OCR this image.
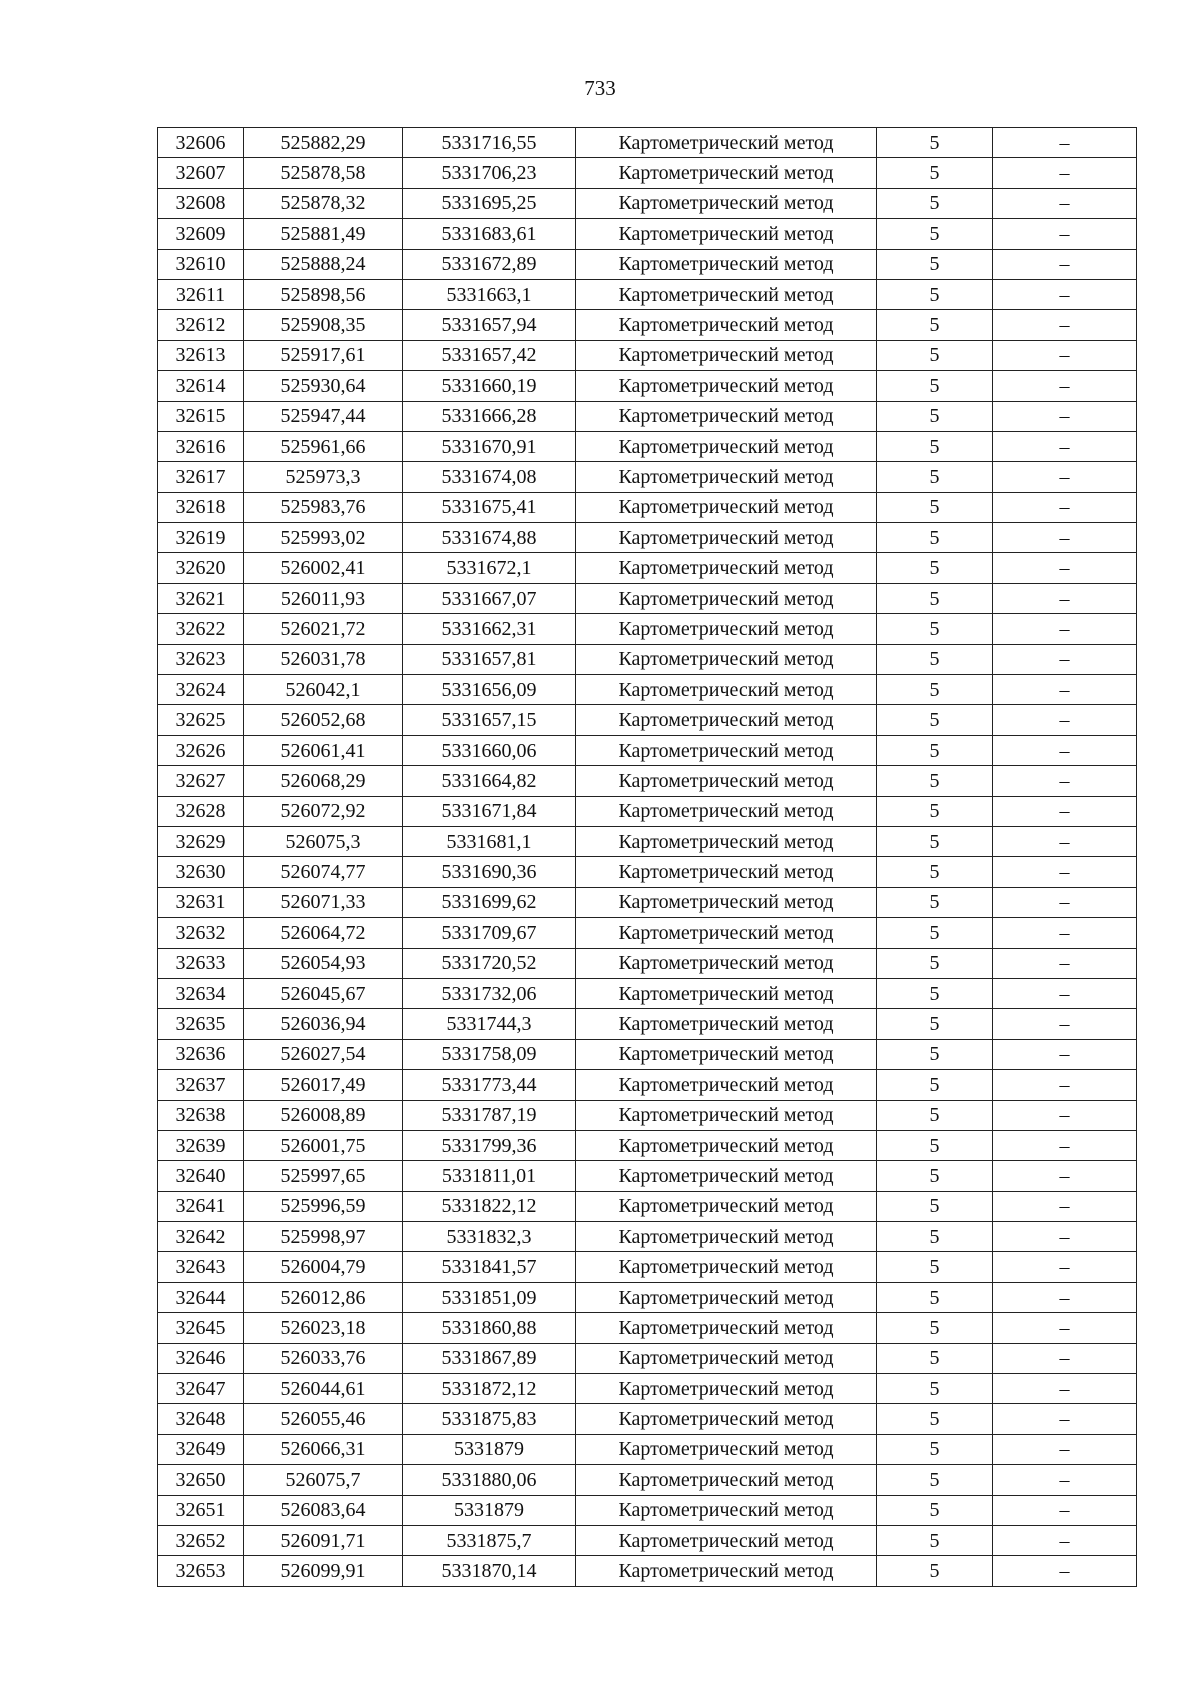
733
32606	525882,29	5331716,55	Картометрический метод	5	–
32607	525878,58	5331706,23	Картометрический метод	5	–
32608	525878,32	5331695,25	Картометрический метод	5	–
32609	525881,49	5331683,61	Картометрический метод	5	–
32610	525888,24	5331672,89	Картометрический метод	5	–
32611	525898,56	5331663,1	Картометрический метод	5	–
32612	525908,35	5331657,94	Картометрический метод	5	–
32613	525917,61	5331657,42	Картометрический метод	5	–
32614	525930,64	5331660,19	Картометрический метод	5	–
32615	525947,44	5331666,28	Картометрический метод	5	–
32616	525961,66	5331670,91	Картометрический метод	5	–
32617	525973,3	5331674,08	Картометрический метод	5	–
32618	525983,76	5331675,41	Картометрический метод	5	–
32619	525993,02	5331674,88	Картометрический метод	5	–
32620	526002,41	5331672,1	Картометрический метод	5	–
32621	526011,93	5331667,07	Картометрический метод	5	–
32622	526021,72	5331662,31	Картометрический метод	5	–
32623	526031,78	5331657,81	Картометрический метод	5	–
32624	526042,1	5331656,09	Картометрический метод	5	–
32625	526052,68	5331657,15	Картометрический метод	5	–
32626	526061,41	5331660,06	Картометрический метод	5	–
32627	526068,29	5331664,82	Картометрический метод	5	–
32628	526072,92	5331671,84	Картометрический метод	5	–
32629	526075,3	5331681,1	Картометрический метод	5	–
32630	526074,77	5331690,36	Картометрический метод	5	–
32631	526071,33	5331699,62	Картометрический метод	5	–
32632	526064,72	5331709,67	Картометрический метод	5	–
32633	526054,93	5331720,52	Картометрический метод	5	–
32634	526045,67	5331732,06	Картометрический метод	5	–
32635	526036,94	5331744,3	Картометрический метод	5	–
32636	526027,54	5331758,09	Картометрический метод	5	–
32637	526017,49	5331773,44	Картометрический метод	5	–
32638	526008,89	5331787,19	Картометрический метод	5	–
32639	526001,75	5331799,36	Картометрический метод	5	–
32640	525997,65	5331811,01	Картометрический метод	5	–
32641	525996,59	5331822,12	Картометрический метод	5	–
32642	525998,97	5331832,3	Картометрический метод	5	–
32643	526004,79	5331841,57	Картометрический метод	5	–
32644	526012,86	5331851,09	Картометрический метод	5	–
32645	526023,18	5331860,88	Картометрический метод	5	–
32646	526033,76	5331867,89	Картометрический метод	5	–
32647	526044,61	5331872,12	Картометрический метод	5	–
32648	526055,46	5331875,83	Картометрический метод	5	–
32649	526066,31	5331879	Картометрический метод	5	–
32650	526075,7	5331880,06	Картометрический метод	5	–
32651	526083,64	5331879	Картометрический метод	5	–
32652	526091,71	5331875,7	Картометрический метод	5	–
32653	526099,91	5331870,14	Картометрический метод	5	–
